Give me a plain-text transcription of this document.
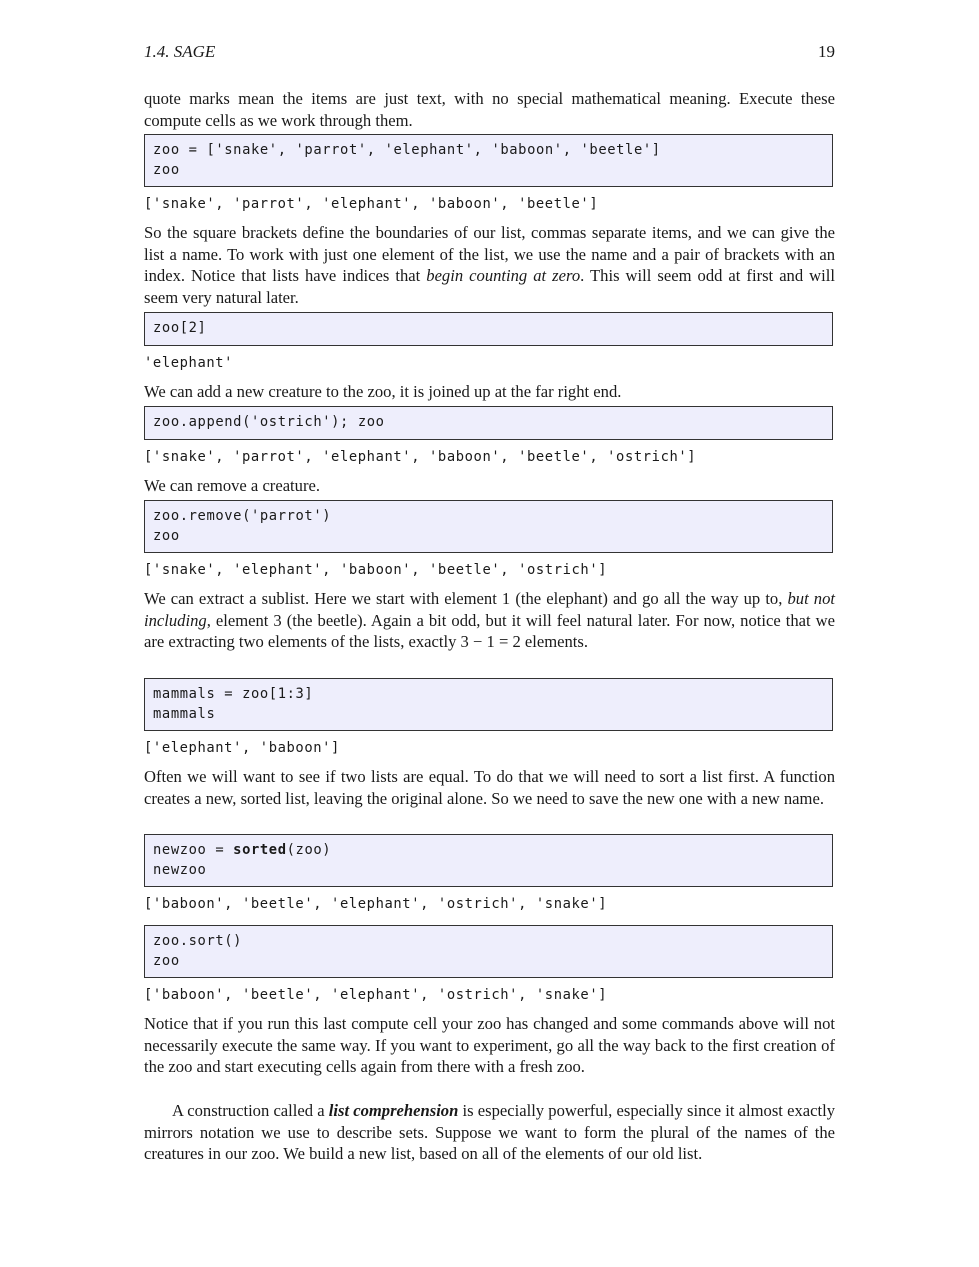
1.4. SAGE	19

quote marks mean the items are just text, with no special mathematical meaning. Execute these compute cells as we work through them.

zoo = ['snake', 'parrot', 'elephant', 'baboon', 'beetle']
zoo
['snake', 'parrot', 'elephant', 'baboon', 'beetle']

So the square brackets define the boundaries of our list, commas separate items, and we can give the list a name. To work with just one element of the list, we use the name and a pair of brackets with an index. Notice that lists have indices that begin counting at zero. This will seem odd at first and will seem very natural later.

zoo[2]
'elephant'

We can add a new creature to the zoo, it is joined up at the far right end.

zoo.append('ostrich'); zoo
['snake', 'parrot', 'elephant', 'baboon', 'beetle', 'ostrich']

We can remove a creature.

zoo.remove('parrot')
zoo
['snake', 'elephant', 'baboon', 'beetle', 'ostrich']

We can extract a sublist. Here we start with element 1 (the elephant) and go all the way up to, but not including, element 3 (the beetle). Again a bit odd, but it will feel natural later. For now, notice that we are extracting two elements of the lists, exactly 3 − 1 = 2 elements.

mammals = zoo[1:3]
mammals
['elephant', 'baboon']

Often we will want to see if two lists are equal. To do that we will need to sort a list first. A function creates a new, sorted list, leaving the original alone. So we need to save the new one with a new name.

newzoo = sorted(zoo)
newzoo
['baboon', 'beetle', 'elephant', 'ostrich', 'snake']
zoo.sort()
zoo
['baboon', 'beetle', 'elephant', 'ostrich', 'snake']

Notice that if you run this last compute cell your zoo has changed and some commands above will not necessarily execute the same way. If you want to experiment, go all the way back to the first creation of the zoo and start executing cells again from there with a fresh zoo.

A construction called a list comprehension is especially powerful, especially since it almost exactly mirrors notation we use to describe sets. Suppose we want to form the plural of the names of the creatures in our zoo. We build a new list, based on all of the elements of our old list.
